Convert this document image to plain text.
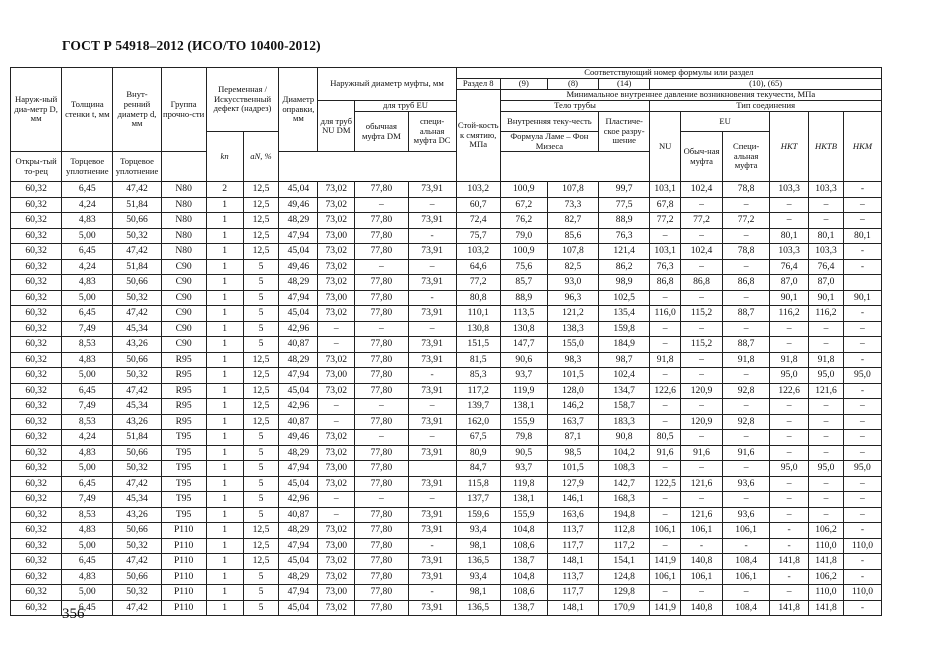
ГОСТ Р 54918–2012 (ИСО/ТО 10400-2012)
Наруж-ный диа-метр D, мм	Толщина стенки t, мм	Внут-ренний диаметр d, мм	Группа прочно-сти	Переменная /Искусственный дефект (надрез)		Диаметр оправки, мм	Наружный диаметр муфты, мм			Соответствующий номер формулы или раздел									
										Раздел 8	(9)	(8)	(14)	(10), (65)					
										Стой-кость к смятию, МПа	Минимальное внутреннее давление возникновения текучести, МПа								
							для труб NU DM	для труб EU			Тело трубы			Тип соединения					
								обычная муфта DM	специ-альная муфта DC		Внутренняя теку-честь		Пластиче-ское разру-шение	NU	EU		НКТ	НКТВ	НКМ
				kn	aN, %						Формула Ламе – Фон Мизеса				Обыч-ная муфта	Специ-альная муфта			
Откры-тый то-рец	Торцевое уплотнение	Торцевое уплотнение																	
60,32	6,45	47,42	N80	2	12,5	45,04	73,02	77,80	73,91	103,2	100,9	107,8	99,7	103,1	102,4	78,8	103,3	103,3	-
60,32	4,24	51,84	N80	1	12,5	49,46	73,02	–	–	60,7	67,2	73,3	77,5	67,8	–	–	–	–	–
60,32	4,83	50,66	N80	1	12,5	48,29	73,02	77,80	73,91	72,4	76,2	82,7	88,9	77,2	77,2	77,2	–	–	–
60,32	5,00	50,32	N80	1	12,5	47,94	73,00	77,80	-	75,7	79,0	85,6	76,3	–	–	–	80,1	80,1	80,1
60,32	6,45	47,42	N80	1	12,5	45,04	73,02	77,80	73,91	103,2	100,9	107,8	121,4	103,1	102,4	78,8	103,3	103,3	-
60,32	4,24	51,84	C90	1	5	49,46	73,02	–	–	64,6	75,6	82,5	86,2	76,3	–	–	76,4	76,4	-
60,32	4,83	50,66	C90	1	5	48,29	73,02	77,80	73,91	77,2	85,7	93,0	98,9	86,8	86,8	86,8	87,0	87,0	
60,32	5,00	50,32	C90	1	5	47,94	73,00	77,80	-	80,8	88,9	96,3	102,5	–	–	–	90,1	90,1	90,1
60,32	6,45	47,42	C90	1	5	45,04	73,02	77,80	73,91	110,1	113,5	121,2	135,4	116,0	115,2	88,7	116,2	116,2	-
60,32	7,49	45,34	C90	1	5	42,96	–	–	–	130,8	130,8	138,3	159,8	–	–	–	–	–	–
60,32	8,53	43,26	C90	1	5	40,87	–	77,80	73,91	151,5	147,7	155,0	184,9	–	115,2	88,7	–	–	–
60,32	4,83	50,66	R95	1	12,5	48,29	73,02	77,80	73,91	81,5	90,6	98,3	98,7	91,8	–	91,8	91,8	91,8	-
60,32	5,00	50,32	R95	1	12,5	47,94	73,00	77,80	-	85,3	93,7	101,5	102,4	–	–	–	95,0	95,0	95,0
60,32	6,45	47,42	R95	1	12,5	45,04	73,02	77,80	73,91	117,2	119,9	128,0	134,7	122,6	120,9	92,8	122,6	121,6	-
60,32	7,49	45,34	R95	1	12,5	42,96	–	–	–	139,7	138,1	146,2	158,7	–	–	–	–	–	–
60,32	8,53	43,26	R95	1	12,5	40,87	–	77,80	73,91	162,0	155,9	163,7	183,3	–	120,9	92,8	–	–	–
60,32	4,24	51,84	T95	1	5	49,46	73,02	–	–	67,5	79,8	87,1	90,8	80,5	–	–	–	–	–
60,32	4,83	50,66	T95	1	5	48,29	73,02	77,80	73,91	80,9	90,5	98,5	104,2	91,6	91,6	91,6	–	–	–
60,32	5,00	50,32	T95	1	5	47,94	73,00	77,80		84,7	93,7	101,5	108,3	–	–	–	95,0	95,0	95,0
60,32	6,45	47,42	T95	1	5	45,04	73,02	77,80	73,91	115,8	119,8	127,9	142,7	122,5	121,6	93,6	–	–	–
60,32	7,49	45,34	T95	1	5	42,96	–	–	–	137,7	138,1	146,1	168,3	–	–	–	–	–	–
60,32	8,53	43,26	T95	1	5	40,87	–	77,80	73,91	159,6	155,9	163,6	194,8	–	121,6	93,6	–	–	–
60,32	4,83	50,66	P110	1	12,5	48,29	73,02	77,80	73,91	93,4	104,8	113,7	112,8	106,1	106,1	106,1	-	106,2	-
60,32	5,00	50,32	P110	1	12,5	47,94	73,00	77,80	-	98,1	108,6	117,7	117,2	–	-	-	-	110,0	110,0
60,32	6,45	47,42	P110	1	12,5	45,04	73,02	77,80	73,91	136,5	138,7	148,1	154,1	141,9	140,8	108,4	141,8	141,8	-
60,32	4,83	50,66	P110	1	5	48,29	73,02	77,80	73,91	93,4	104,8	113,7	124,8	106,1	106,1	106,1	-	106,2	-
60,32	5,00	50,32	P110	1	5	47,94	73,00	77,80	-	98,1	108,6	117,7	129,8	–	–	–	–	110,0	110,0
60,32	6,45	47,42	P110	1	5	45,04	73,02	77,80	73,91	136,5	138,7	148,1	170,9	141,9	140,8	108,4	141,8	141,8	-
356
